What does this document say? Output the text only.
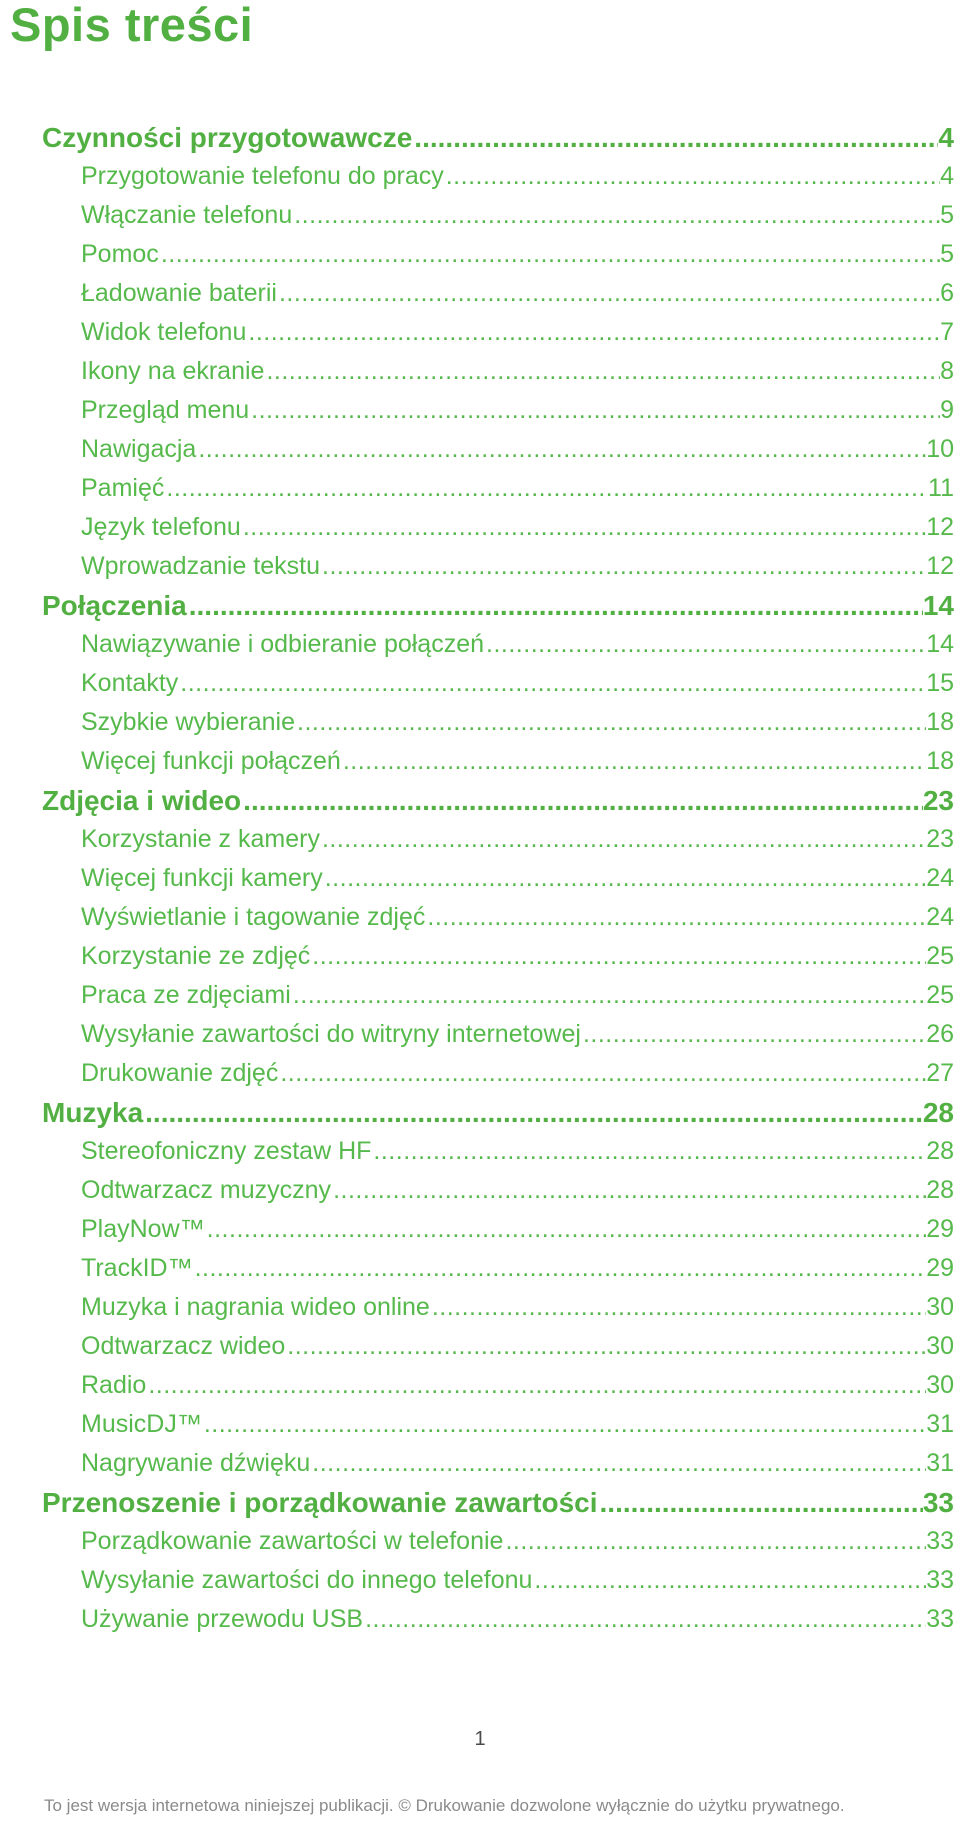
Spis treści
Czynności przygotowawcze .....	4
Przygotowanie telefonu do pracy .....	4
Włączanie telefonu .....	5
Pomoc .....	5
Ładowanie baterii .....	6
Widok telefonu .....	7
Ikony na ekranie .....	8
Przegląd menu .....	9
Nawigacja .....	10
Pamięć .....	11
Język telefonu .....	12
Wprowadzanie tekstu .....	12
Połączenia .....	14
Nawiązywanie i odbieranie połączeń .....	14
Kontakty .....	15
Szybkie wybieranie .....	18
Więcej funkcji połączeń .....	18
Zdjęcia i wideo .....	23
Korzystanie z kamery .....	23
Więcej funkcji kamery .....	24
Wyświetlanie i tagowanie zdjęć .....	24
Korzystanie ze zdjęć .....	25
Praca ze zdjęciami .....	25
Wysyłanie zawartości do witryny internetowej .....	26
Drukowanie zdjęć .....	27
Muzyka .....	28
Stereofoniczny zestaw HF .....	28
Odtwarzacz muzyczny .....	28
PlayNow™ .....	29
TrackID™ .....	29
Muzyka i nagrania wideo online .....	30
Odtwarzacz wideo .....	30
Radio .....	30
MusicDJ™ .....	31
Nagrywanie dźwięku .....	31
Przenoszenie i porządkowanie zawartości .....	33
Porządkowanie zawartości w telefonie .....	33
Wysyłanie zawartości do innego telefonu .....	33
Używanie przewodu USB .....	33
1
To jest wersja internetowa niniejszej publikacji. © Drukowanie dozwolone wyłącznie do użytku prywatnego.
